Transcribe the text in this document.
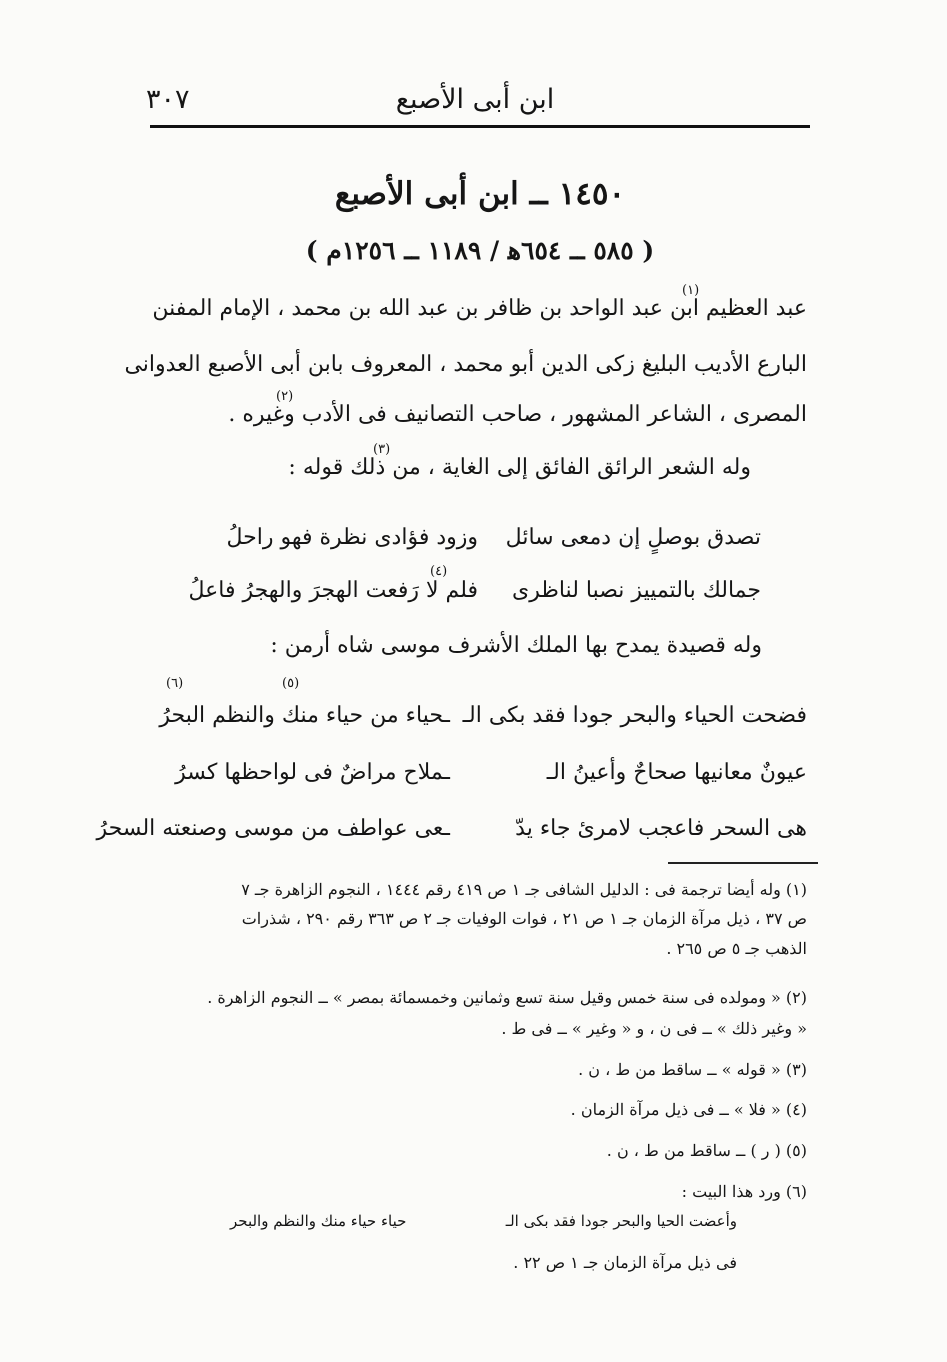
ابن أبى الأصبع
٣٠٧
١٤٥٠ ــ ابن أبى الأصبع
( ٥٨٥ ــ ٦٥٤ﻫ / ١١٨٩ ــ ١٢٥٦م )
عبد العظيم ابن عبد الواحد بن ظافر بن عبد الله بن محمد ، الإمام المفنن
البارع الأديب البليغ زكى الدين أبو محمد ، المعروف بابن أبى الأصبع العدوانى
المصرى ، الشاعر المشهور ، صاحب التصانيف فى الأدب وغيره .
وله الشعر الرائق الفائق إلى الغاية ، من ذلك قوله :
(١)
(٢)
(٣)
(٤)
(٥)
(٦)
تصدق بوصلٍ إن دمعى سائل
وزود فؤادى نظرة فهو راحلُ
جمالك بالتمييز نصبا لناظرى
فلم لا رَفعت الهجرَ والهجرُ فاعلُ
وله قصيدة يمدح بها الملك الأشرف موسى شاه أرمن :
فضحت الحياء والبحر جودا فقد بكى الـ
ـحياء من حياء منك والنظم البحرُ
عيونٌ معانيها صحاحٌ وأعينُ الـ
ـملاح مراضٌ فى لواحظها كسرُ
هى السحر فاعجب لامرئ جاء يدّ
ـعى عواطف من موسى وصنعته السحرُ
(١) وله أيضا ترجمة فى : الدليل الشافى جـ ١ ص ٤١٩ رقم ١٤٤٤ ، النجوم الزاهرة جـ ٧
ص ٣٧ ، ذيل مرآة الزمان جـ ١ ص ٢١ ، فوات الوفيات جـ ٢ ص ٣٦٣ رقم ٢٩٠ ، شذرات
الذهب جـ ٥ ص ٢٦٥ .
(٢) « ومولده فى سنة خمس وقيل سنة تسع وثمانين وخمسمائة بمصر » ــ النجوم الزاهرة .
« وغير ذلك » ــ فى ن ، و « وغير » ــ فى ط .
(٣) « قوله » ــ ساقط من ط ، ن .
(٤) « فلا » ــ فى ذيل مرآة الزمان .
(٥) ( ر ) ــ ساقط من ط ، ن .
(٦) ورد هذا البيت :
وأعضت الحيا والبحر جودا فقد بكى الـ
حياء حياء منك والنظم والبحر
فى ذيل مرآة الزمان جـ ١ ص ٢٢ .
